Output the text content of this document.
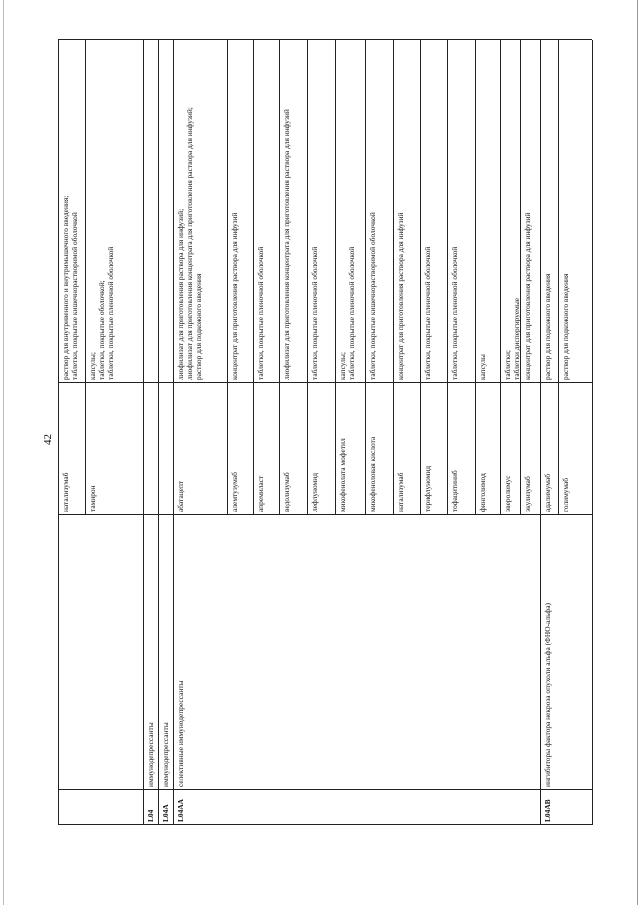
42
натализумаб
раствор для внутривенного и внутримышечного введения; таблетки, покрытые кишечнорастворимой оболочкой
тамирон
капсулы; таблетки, покрытые оболочкой; таблетки, покрытые пленочной оболочкой
L04
иммунодепрессанты
L04A
иммунодепрессанты
L04AA
селективные иммунодепрессанты
абатацепт
лиофилизат для приготовления раствора для инфузий; лиофилизат для приготовления концентрата для приготовления раствора для инфузий; раствор для подкожного введения
алемтузумаб
концентрат для приготовления раствора для инфузий
апремиласт
таблетки, покрытые пленочной оболочкой
ведолизумаб
лиофилизат для приготовления концентрата для приготовления раствора для инфузий
лефлуномид
таблетки, покрытые пленочной оболочкой
микофенолата мофетил
капсулы; таблетки, покрытые пленочной оболочкой
микофеноловая кислота
таблетки, покрытые кишечнорастворимой оболочкой
натализумаб
концентрат для приготовления раствора для инфузий
терифлуномид
таблетки, покрытые пленочной оболочкой
тофацитиниб
таблетки, покрытые пленочной оболочкой
финголимод
капсулы
эверолимус
таблетки; таблетки диспергируемые
экулизумаб
концентрат для приготовления раствора для инфузий
L04AB
ингибиторы фактора некроза опухоли альфа (ФНО-альфа)
адалимумаб
раствор для подкожного введения
голимумаб
раствор для подкожного введения
